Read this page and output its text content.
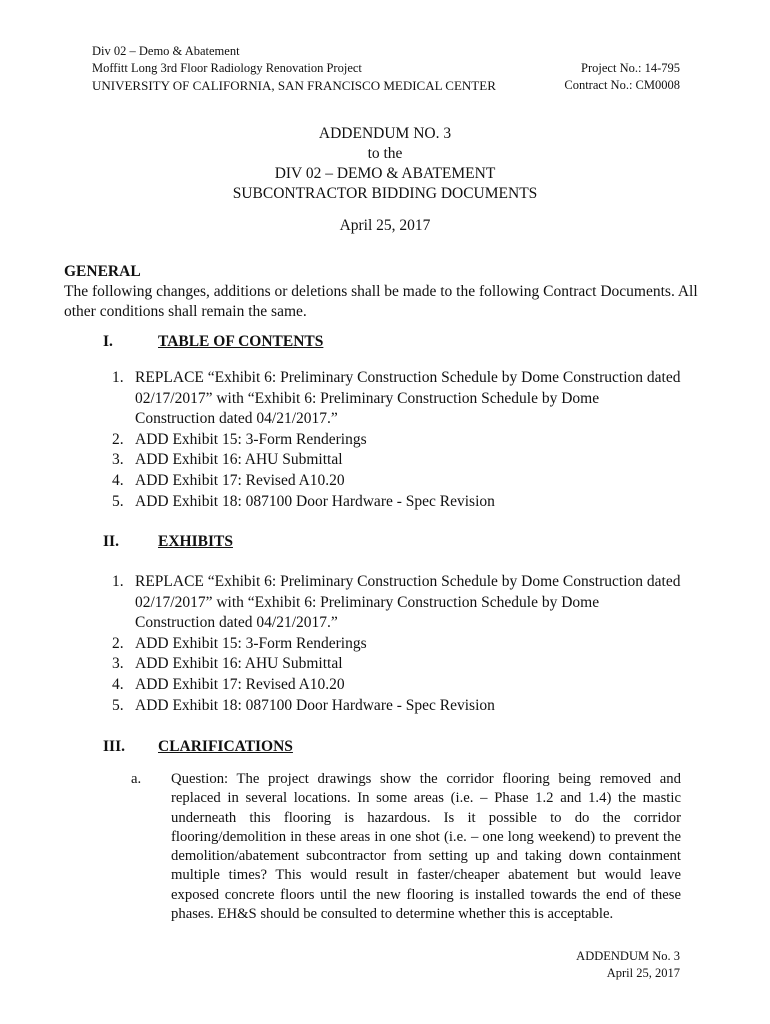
Div 02 – Demo & Abatement
Moffitt Long 3rd Floor Radiology Renovation Project
UNIVERSITY OF CALIFORNIA, SAN FRANCISCO MEDICAL CENTER
Project No.: 14-795
Contract No.: CM0008
ADDENDUM NO. 3
to the
DIV 02 – DEMO & ABATEMENT
SUBCONTRACTOR BIDDING DOCUMENTS
April 25, 2017
GENERAL
The following changes, additions or deletions shall be made to the following Contract Documents. All other conditions shall remain the same.
I.	TABLE OF CONTENTS
1. REPLACE “Exhibit 6: Preliminary Construction Schedule by Dome Construction dated 02/17/2017” with “Exhibit 6: Preliminary Construction Schedule by Dome Construction dated 04/21/2017.”
2. ADD Exhibit 15: 3-Form Renderings
3. ADD Exhibit 16: AHU Submittal
4. ADD Exhibit 17: Revised A10.20
5. ADD Exhibit 18: 087100 Door Hardware - Spec Revision
II.	EXHIBITS
1. REPLACE “Exhibit 6: Preliminary Construction Schedule by Dome Construction dated 02/17/2017” with “Exhibit 6: Preliminary Construction Schedule by Dome Construction dated 04/21/2017.”
2. ADD Exhibit 15: 3-Form Renderings
3. ADD Exhibit 16: AHU Submittal
4. ADD Exhibit 17: Revised A10.20
5. ADD Exhibit 18: 087100 Door Hardware - Spec Revision
III.	CLARIFICATIONS
a.	Question: The project drawings show the corridor flooring being removed and replaced in several locations. In some areas (i.e. – Phase 1.2 and 1.4) the mastic underneath this flooring is hazardous. Is it possible to do the corridor flooring/demolition in these areas in one shot (i.e. – one long weekend) to prevent the demolition/abatement subcontractor from setting up and taking down containment multiple times? This would result in faster/cheaper abatement but would leave exposed concrete floors until the new flooring is installed towards the end of these phases. EH&S should be consulted to determine whether this is acceptable.
ADDENDUM No. 3
April 25, 2017
